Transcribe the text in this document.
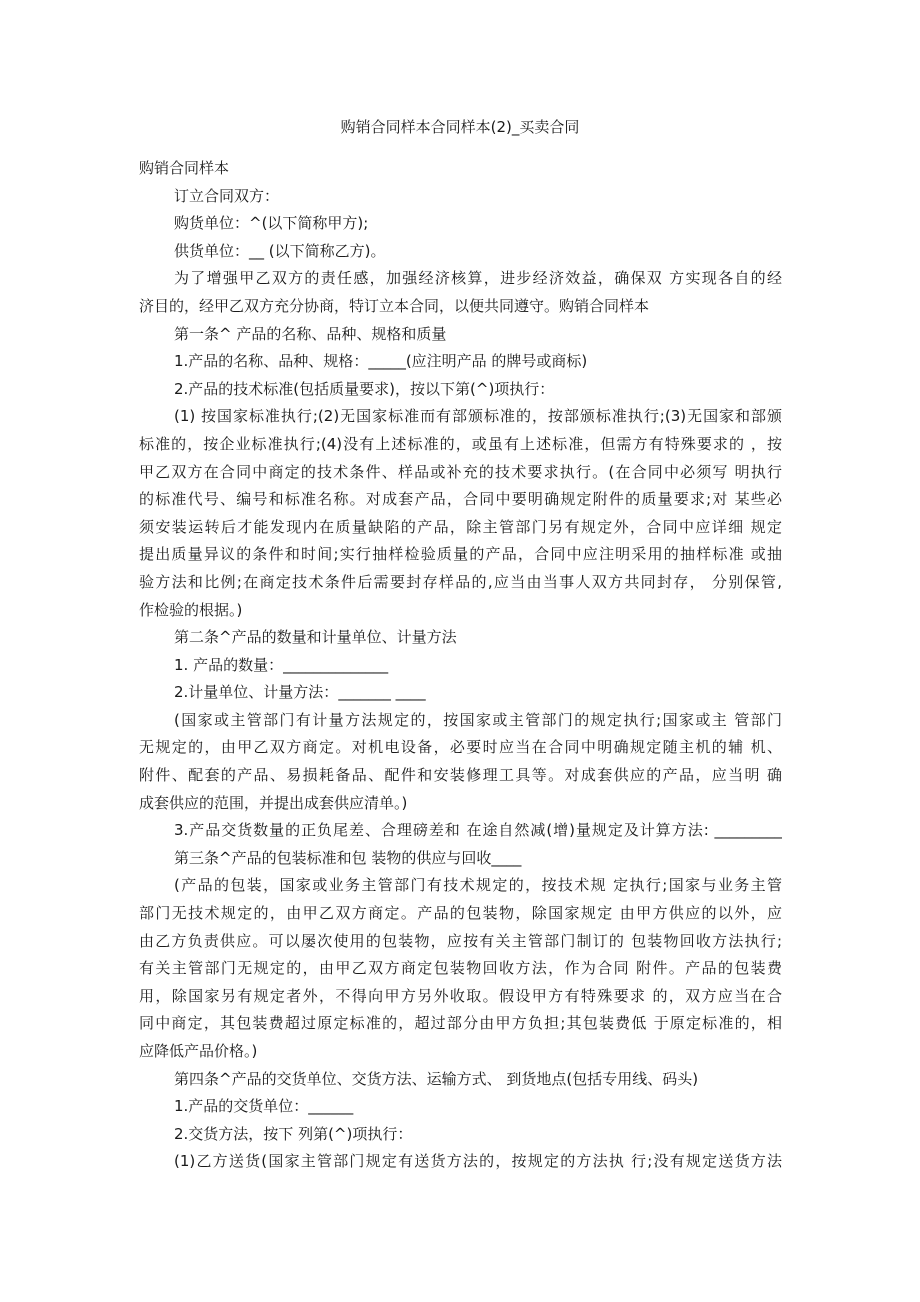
购销合同样本合同样本(2)_买卖合同
购销合同样本
订立合同双方：
购货单位：^(以下简称甲方);
供货单位：__ (以下简称乙方)。
为了增强甲乙双方的责任感，加强经济核算，进步经济效益，确保双 方实现各自的经
济目的，经甲乙双方充分协商，特订立本合同，以便共同遵守。购销合同样本
第一条^ 产品的名称、品种、规格和质量
1.产品的名称、品种、规格：_____(应注明产品 的牌号或商标)
2.产品的技术标准(包括质量要求)，按以下第(^)项执行：
(1) 按国家标准执行;(2)无国家标准而有部颁标准的，按部颁标准执行;(3)无国家和部颁
标准的，按企业标准执行;(4)没有上述标准的，或虽有上述标准，但需方有特殊要求的 ，按
甲乙双方在合同中商定的技术条件、样品或补充的技术要求执行。(在合同中必须写 明执行
的标准代号、编号和标准名称。对成套产品，合同中要明确规定附件的质量要求;对 某些必
须安装运转后才能发现内在质量缺陷的产品，除主管部门另有规定外，合同中应详细 规定
提出质量异议的条件和时间;实行抽样检验质量的产品，合同中应注明采用的抽样标准 或抽
验方法和比例;在商定技术条件后需要封存样品的,应当由当事人双方共同封存， 分别保管,
作检验的根据。)
第二条^产品的数量和计量单位、计量方法
1. 产品的数量：______________
2.计量单位、计量方法：_______ ____
(国家或主管部门有计量方法规定的，按国家或主管部门的规定执行;国家或主 管部门
无规定的，由甲乙双方商定。对机电设备，必要时应当在合同中明确规定随主机的辅 机、
附件、配套的产品、易损耗备品、配件和安装修理工具等。对成套供应的产品，应当明 确
成套供应的范围，并提出成套供应清单。)
3.产品交货数量的正负尾差、合理磅差和 在途自然减(增)量规定及计算方法: _________
第三条^产品的包装标准和包 装物的供应与回收____
(产品的包装，国家或业务主管部门有技术规定的，按技术规 定执行;国家与业务主管
部门无技术规定的，由甲乙双方商定。产品的包装物，除国家规定 由甲方供应的以外，应
由乙方负责供应。可以屡次使用的包装物，应按有关主管部门制订的 包装物回收方法执行;
有关主管部门无规定的，由甲乙双方商定包装物回收方法，作为合同 附件。产品的包装费
用，除国家另有规定者外，不得向甲方另外收取。假设甲方有特殊要求 的，双方应当在合
同中商定，其包装费超过原定标准的，超过部分由甲方负担;其包装费低 于原定标准的，相
应降低产品价格。)
第四条^产品的交货单位、交货方法、运输方式、 到货地点(包括专用线、码头)
1.产品的交货单位：______
2.交货方法，按下 列第(^)项执行：
(1)乙方送货(国家主管部门规定有送货方法的，按规定的方法执 行;没有规定送货方法
